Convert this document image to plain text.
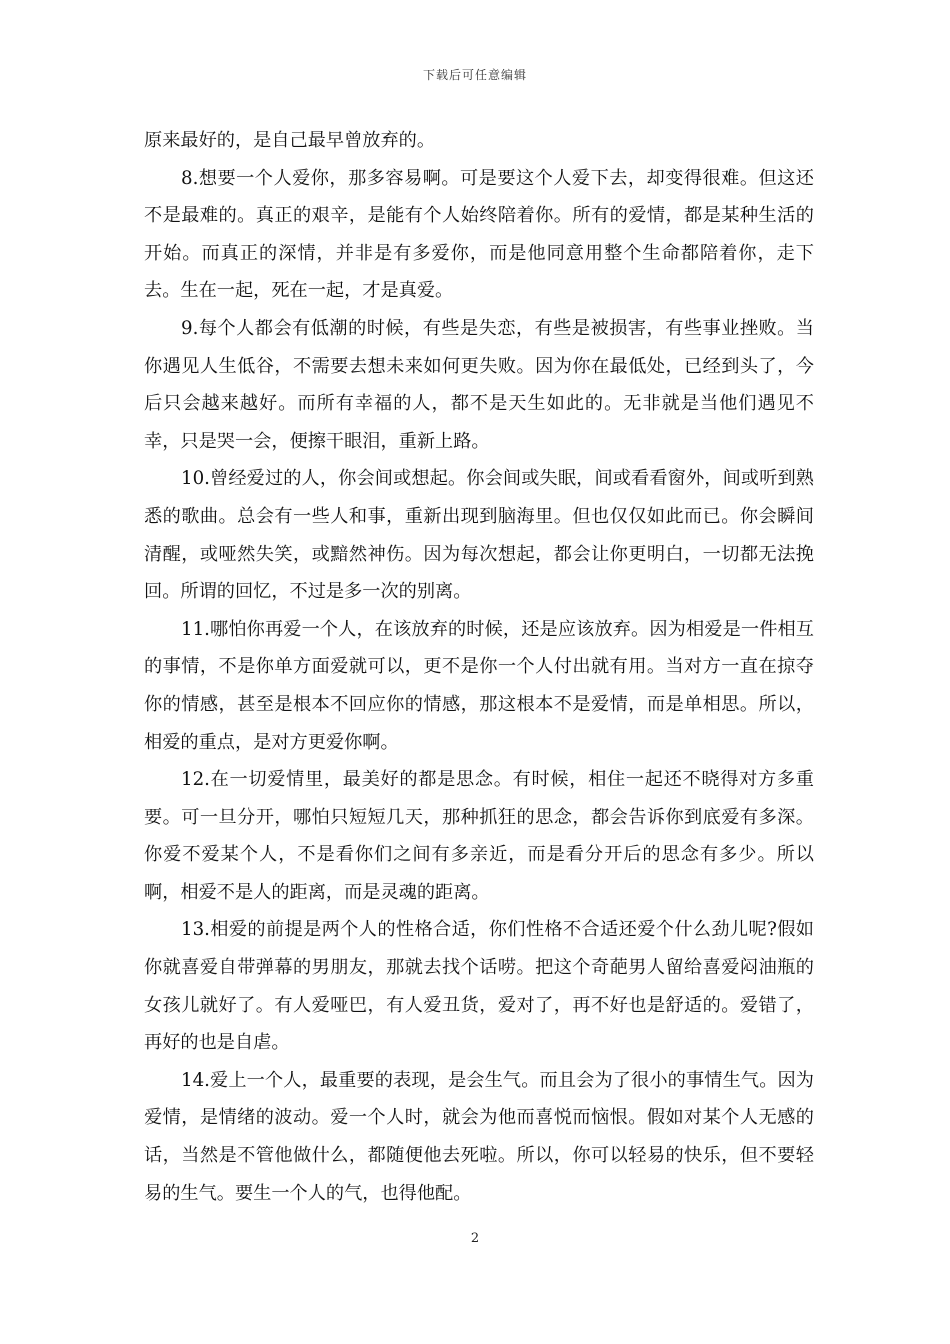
下载后可任意编辑

原来最好的，是自己最早曾放弃的。

8.想要一个人爱你，那多容易啊。可是要这个人爱下去，却变得很难。但这还不是最难的。真正的艰辛，是能有个人始终陪着你。所有的爱情，都是某种生活的开始。而真正的深情，并非是有多爱你，而是他同意用整个生命都陪着你，走下去。生在一起，死在一起，才是真爱。

9.每个人都会有低潮的时候，有些是失恋，有些是被损害，有些事业挫败。当你遇见人生低谷，不需要去想未来如何更失败。因为你在最低处，已经到头了，今后只会越来越好。而所有幸福的人，都不是天生如此的。无非就是当他们遇见不幸，只是哭一会，便擦干眼泪，重新上路。

10.曾经爱过的人，你会间或想起。你会间或失眠，间或看看窗外，间或听到熟悉的歌曲。总会有一些人和事，重新出现到脑海里。但也仅仅如此而已。你会瞬间清醒，或哑然失笑，或黯然神伤。因为每次想起，都会让你更明白，一切都无法挽回。所谓的回忆，不过是多一次的别离。

11.哪怕你再爱一个人，在该放弃的时候，还是应该放弃。因为相爱是一件相互的事情，不是你单方面爱就可以，更不是你一个人付出就有用。当对方一直在掠夺你的情感，甚至是根本不回应你的情感，那这根本不是爱情，而是单相思。所以，相爱的重点，是对方更爱你啊。

12.在一切爱情里，最美好的都是思念。有时候，相住一起还不晓得对方多重要。可一旦分开，哪怕只短短几天，那种抓狂的思念，都会告诉你到底爱有多深。你爱不爱某个人，不是看你们之间有多亲近，而是看分开后的思念有多少。所以啊，相爱不是人的距离，而是灵魂的距离。

13.相爱的前提是两个人的性格合适，你们性格不合适还爱个什么劲儿呢?假如你就喜爱自带弹幕的男朋友，那就去找个话唠。把这个奇葩男人留给喜爱闷油瓶的女孩儿就好了。有人爱哑巴，有人爱丑货，爱对了，再不好也是舒适的。爱错了，再好的也是自虐。

14.爱上一个人，最重要的表现，是会生气。而且会为了很小的事情生气。因为爱情，是情绪的波动。爱一个人时，就会为他而喜悦而恼恨。假如对某个人无感的话，当然是不管他做什么，都随便他去死啦。所以，你可以轻易的快乐，但不要轻易的生气。要生一个人的气，也得他配。

2
